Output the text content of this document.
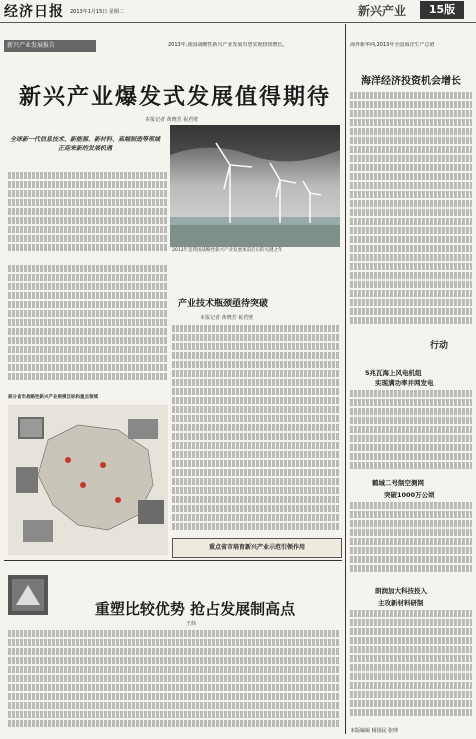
经济日报 2013年1月15日 星期二	新兴产业	15版
新兴产业发展报告	2013年,我国战略性新兴产业发展有望实现较快增长。
新兴产业爆发式发展值得期待
本报记者 黄晓芳 祝君壁
全球新一代信息技术、新能源、新材料、高端制造等领域正迎来新的发展机遇
2013年是我国战略性新兴产业发展承前启后的关键之年
产业技术瓶颈亟待突破
本报记者 黄晓芳 祝君壁
部分省市战略性新兴产业规模目标和重点领域
重点省市培育新兴产业示范引领作用
重塑比较优势 抢占发展制高点
王炜
海外新华网,2013年全国海洋生产总值
海洋经济投资机会增长
行动
5兆瓦海上风电机组
实现满功率并网发电
鹤城二号制空测网
突破1000万公顷
朗润加大科技投入
主攻新材料研制
本版编辑 杨国民 张帅
